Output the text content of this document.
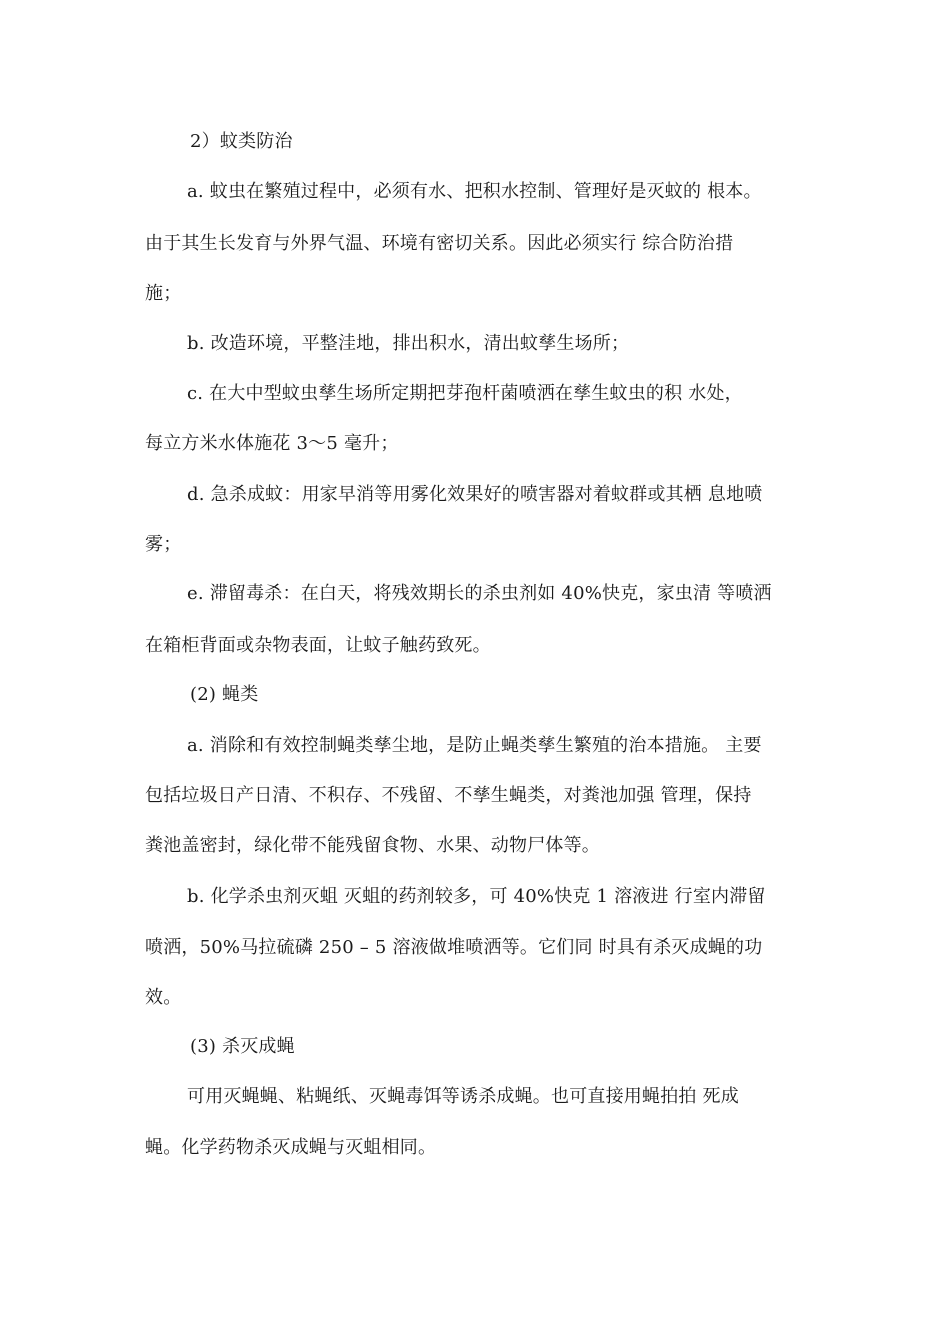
2）蚊类防治
a. 蚊虫在繁殖过程中，必须有水、把积水控制、管理好是灭蚊的 根本。
由于其生长发育与外界气温、环境有密切关系。因此必须实行 综合防治措
施；
b. 改造环境，平整洼地，排出积水，清出蚊孳生场所；
c. 在大中型蚊虫孳生场所定期把芽孢杆菌喷洒在孳生蚊虫的积 水处，
每立方米水体施花 3〜5 毫升；
d. 急杀成蚊：用家早消等用雾化效果好的喷害器对着蚊群或其栖 息地喷
雾；
e. 滞留毒杀：在白天，将残效期长的杀虫剂如 40%快克，家虫清 等喷洒
在箱柜背面或杂物表面，让蚊子触药致死。
(2) 蝇类
a. 消除和有效控制蝇类孳尘地，是防止蝇类孳生繁殖的治本措施。 主要
包括垃圾日产日清、不积存、不残留、不孳生蝇类，对粪池加强 管理，保持
粪池盖密封，绿化带不能残留食物、水果、动物尸体等。
b. 化学杀虫剂灭蛆 灭蛆的药剂较多，可 40%快克 1 溶液进 行室内滞留
喷洒，50%马拉硫磷 250 – 5 溶液做堆喷洒等。它们同 时具有杀灭成蝇的功
效。
(3) 杀灭成蝇
可用灭蝇蝇、粘蝇纸、灭蝇毒饵等诱杀成蝇。也可直接用蝇拍拍 死成
蝇。化学药物杀灭成蝇与灭蛆相同。
